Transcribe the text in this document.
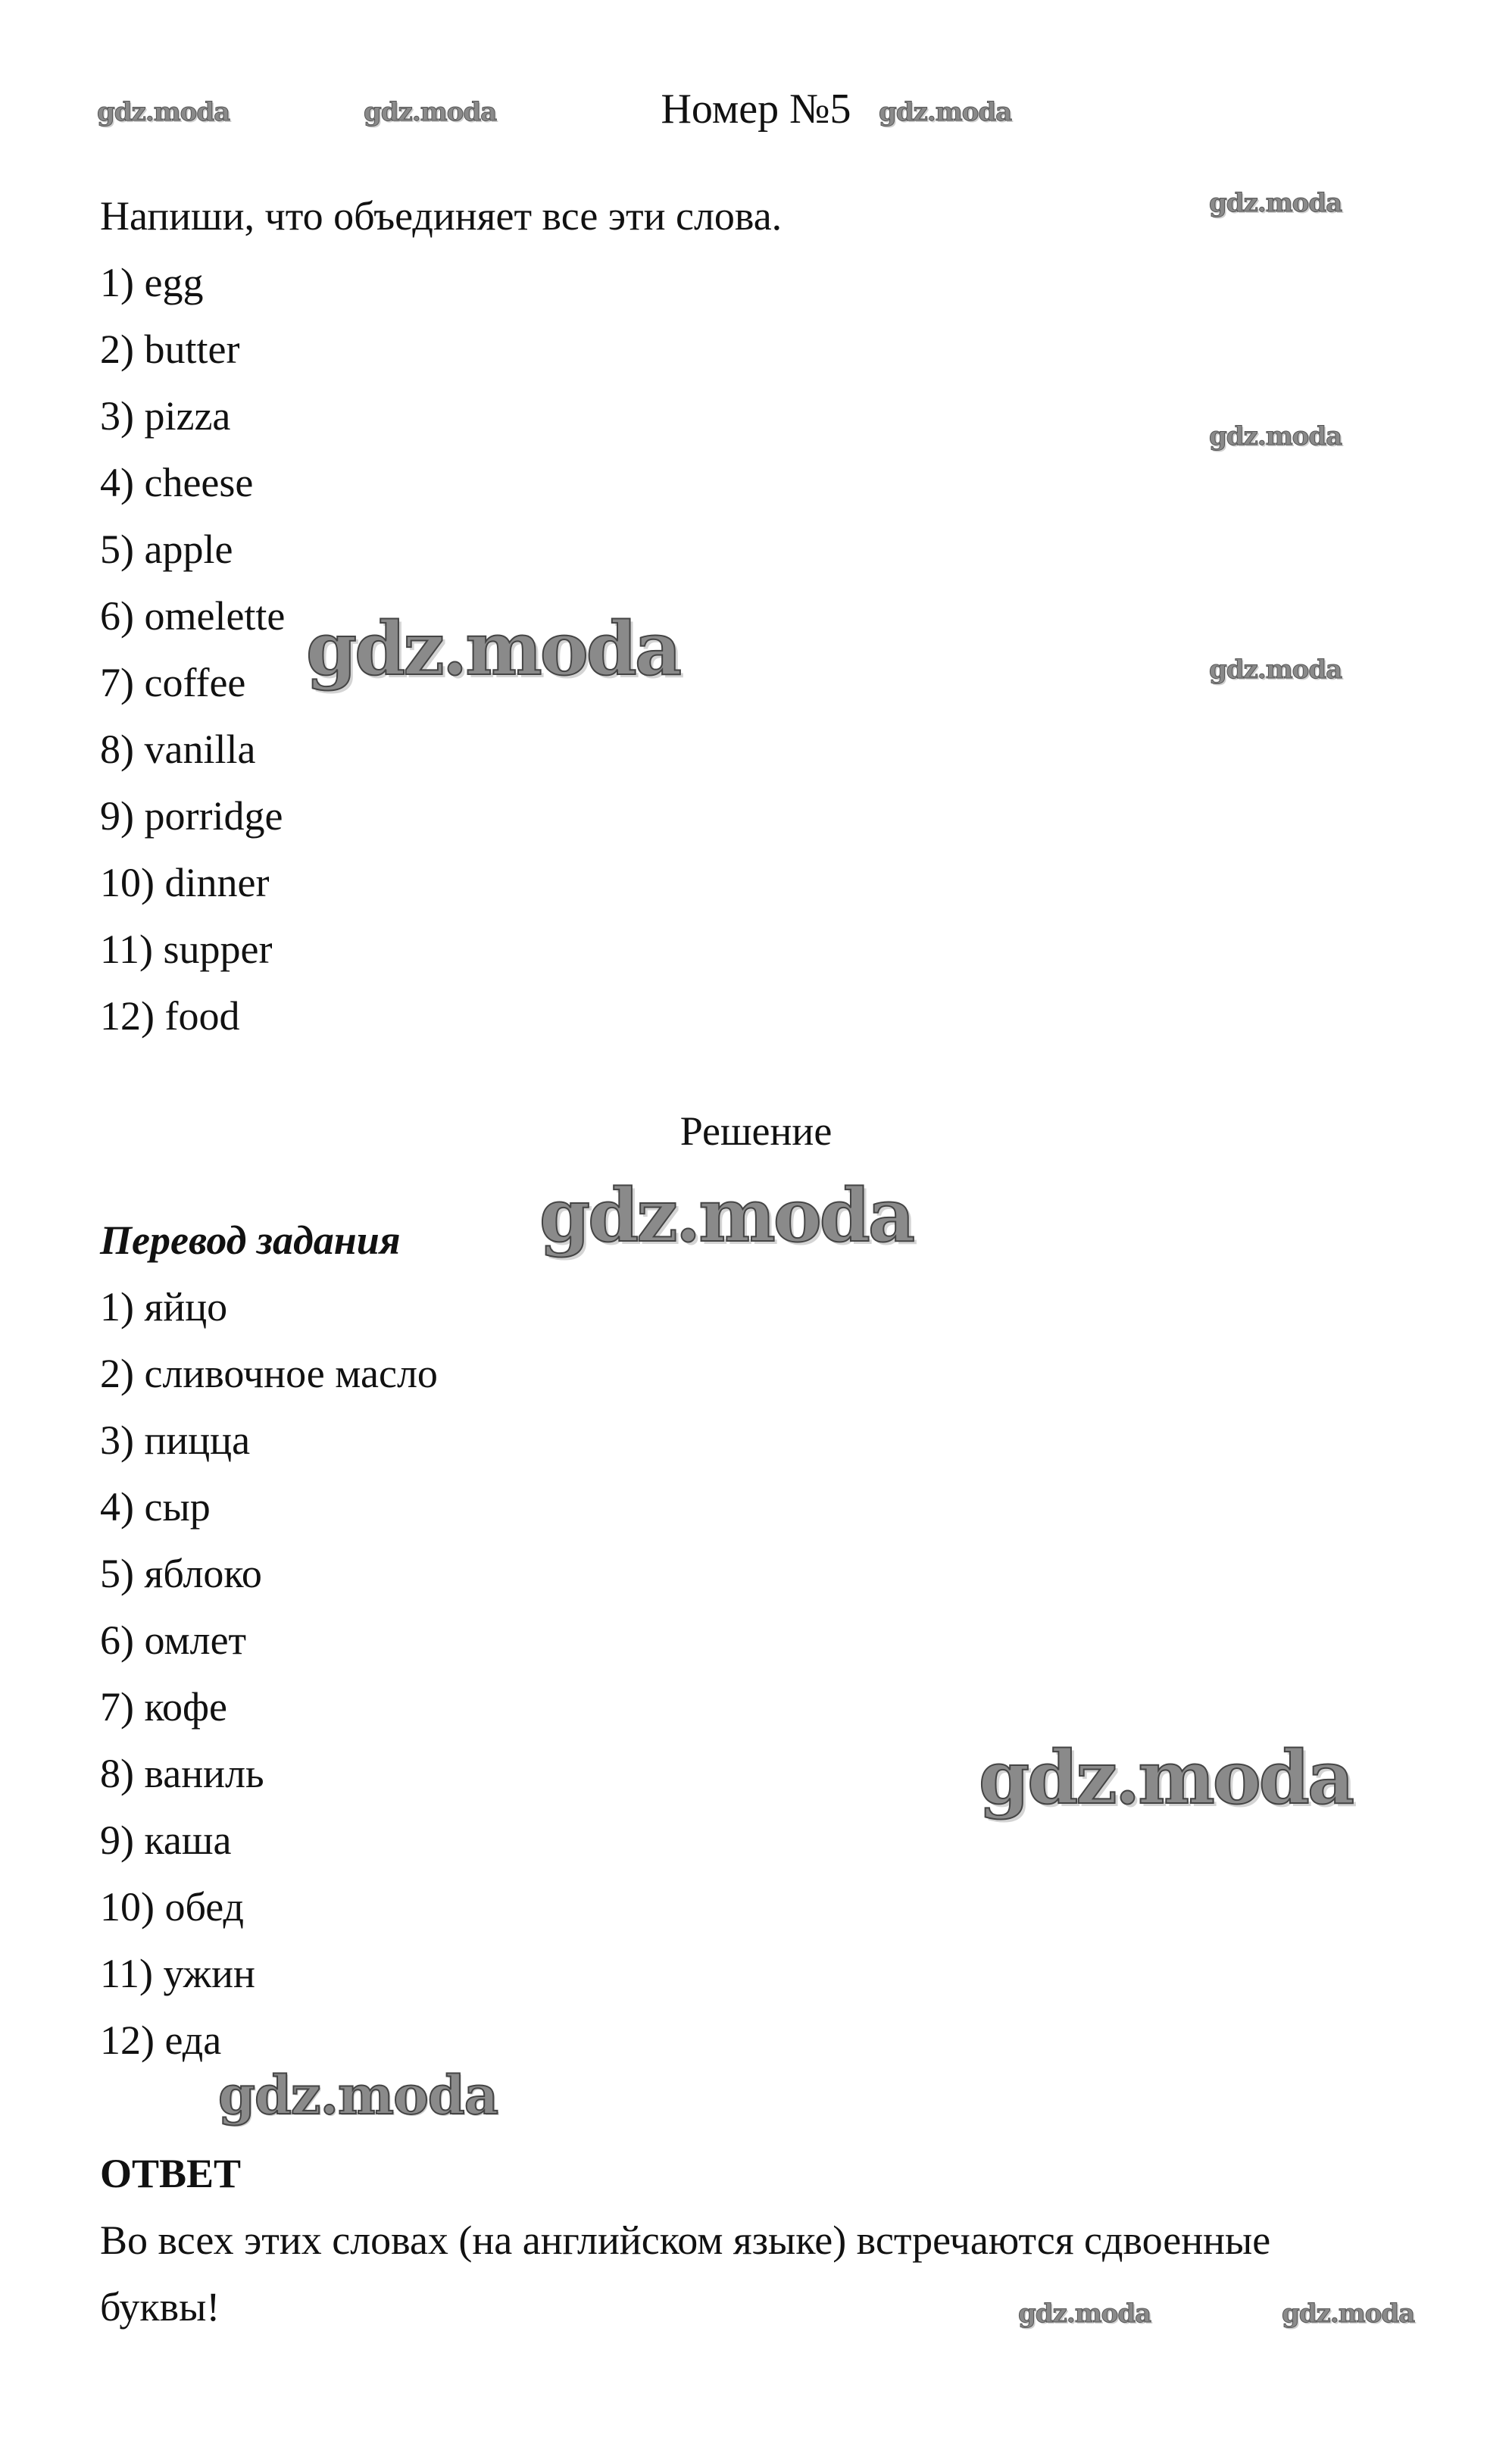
Номер №5
Напиши, что объединяет все эти слова.
1) egg
2) butter
3) pizza
4) cheese
5) apple
6) omelette
7) coffee
8) vanilla
9) porridge
10) dinner
11) supper
12) food
Решение
Перевод задания
1) яйцо
2) сливочное масло
3) пицца
4) сыр
5) яблоко
6) омлет
7) кофе
8) ваниль
9) каша
10) обед
11) ужин
12) еда
ОТВЕТ
Во всех этих словах (на английском языке) встречаются сдвоенные
буквы!
gdz.moda	gdz.moda	gdz.moda
gdz.moda
gdz.moda
gdz.moda
gdz.moda
gdz.moda
gdz.moda
gdz.moda
gdz.moda	gdz.moda
